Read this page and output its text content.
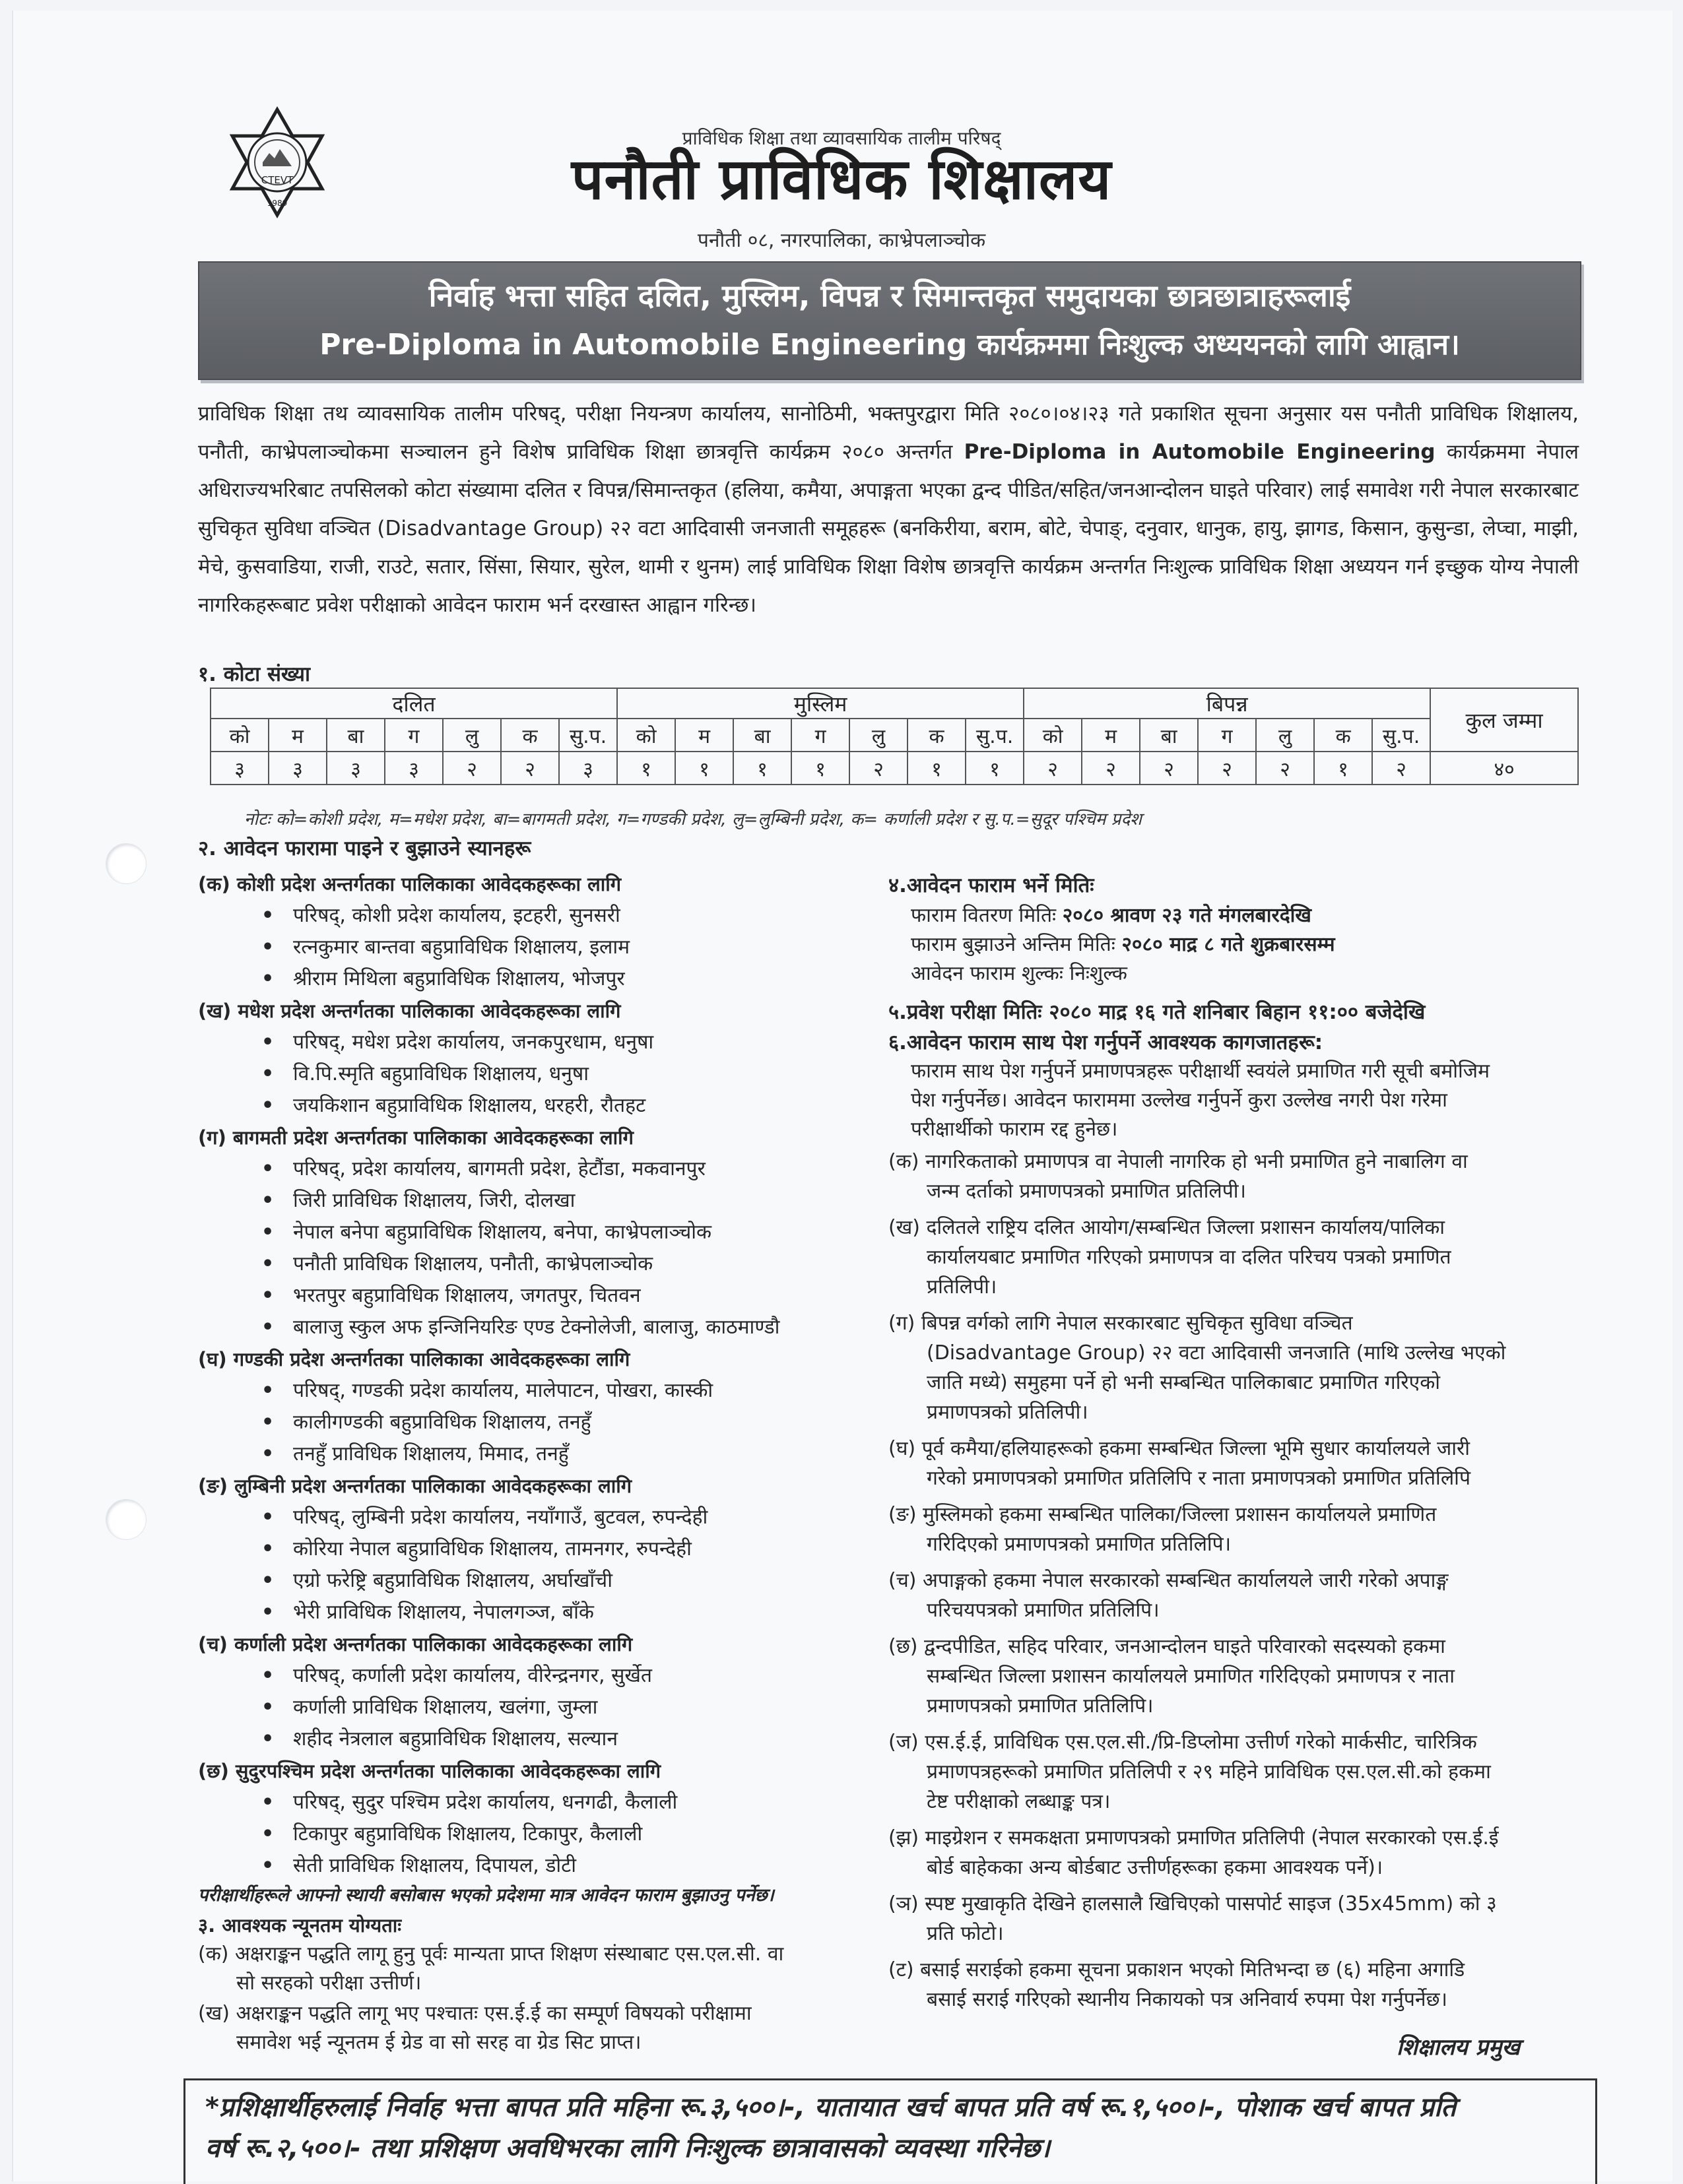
CTEVT
1989
प्राविधिक शिक्षा तथा व्यावसायिक तालीम परिषद्
पनौती प्राविधिक शिक्षालय
पनौती ०८, नगरपालिका, काभ्रेपलाञ्चोक
निर्वाह भत्ता सहित दलित, मुस्लिम, विपन्न र सिमान्तकृत समुदायका छात्रछात्राहरूलाई
Pre-Diploma in Automobile Engineering कार्यक्रममा निःशुल्क अध्ययनको लागि आह्वान।
प्राविधिक शिक्षा तथ व्यावसायिक तालीम परिषद्, परीक्षा नियन्त्रण कार्यालय, सानोठिमी, भक्तपुरद्वारा मिति २०८०।०४।२३ गते प्रकाशित सूचना अनुसार यस पनौती प्राविधिक शिक्षालय, पनौती, काभ्रेपलाञ्चोकमा सञ्चालन हुने विशेष प्राविधिक शिक्षा छात्रवृत्ति कार्यक्रम २०८० अन्तर्गत Pre-Diploma in Automobile Engineering कार्यक्रममा नेपाल अधिराज्यभरिबाट तपसिलको कोटा संख्यामा दलित र विपन्न/सिमान्तकृत (हलिया, कमैया, अपाङ्गता भएका द्वन्द पीडित/सहित/जनआन्दोलन घाइते परिवार) लाई समावेश गरी नेपाल सरकारबाट सुचिकृत सुविधा वञ्चित (Disadvantage Group) २२ वटा आदिवासी जनजाती समूहहरू (बनकिरीया, बराम, बोटे, चेपाङ्, दनुवार, धानुक, हायु, झागड, किसान, कुसुन्डा, लेप्चा, माझी, मेचे, कुसवाडिया, राजी, राउटे, सतार, सिंसा, सियार, सुरेल, थामी र थुनम) लाई प्राविधिक शिक्षा विशेष छात्रवृत्ति कार्यक्रम अन्तर्गत निःशुल्क प्राविधिक शिक्षा अध्ययन गर्न इच्छुक योग्य नेपाली नागरिकहरूबाट प्रवेश परीक्षाको आवेदन फाराम भर्न दरखास्त आह्वान गरिन्छ।
१. कोटा संख्या
दलित							मुस्लिम							बिपन्न							कुल जम्मा
को	म	बा	ग	लु	क	सु.प.	को	म	बा	ग	लु	क	सु.प.	को	म	बा	ग	लु	क	सु.प.	
३	३	३	३	२	२	३	१	१	१	१	२	१	१	२	२	२	२	२	१	२	४०
नोटः को=कोशी प्रदेश, म=मधेश प्रदेश, बा=बागमती प्रदेश, ग=गण्डकी प्रदेश, लु=लुम्बिनी प्रदेश, क= कर्णाली प्रदेश र सु.प.=सुदूर पश्चिम प्रदेश
२. आवेदन फारामा पाइने र बुझाउने स्यानहरू
(क) कोशी प्रदेश अन्तर्गतका पालिकाका आवेदकहरूका लागि
• परिषद्, कोशी प्रदेश कार्यालय, इटहरी, सुनसरी
• रत्नकुमार बान्तवा बहुप्राविधिक शिक्षालय, इलाम
• श्रीराम मिथिला बहुप्राविधिक शिक्षालय, भोजपुर
(ख) मधेश प्रदेश अन्तर्गतका पालिकाका आवेदकहरूका लागि
• परिषद्, मधेश प्रदेश कार्यालय, जनकपुरधाम, धनुषा
• वि.पि.स्मृति बहुप्राविधिक शिक्षालय, धनुषा
• जयकिशान बहुप्राविधिक शिक्षालय, धरहरी, रौतहट
(ग) बागमती प्रदेश अन्तर्गतका पालिकाका आवेदकहरूका लागि
• परिषद्, प्रदेश कार्यालय, बागमती प्रदेश, हेटौंडा, मकवानपुर
• जिरी प्राविधिक शिक्षालय, जिरी, दोलखा
• नेपाल बनेपा बहुप्राविधिक शिक्षालय, बनेपा, काभ्रेपलाञ्चोक
• पनौती प्राविधिक शिक्षालय, पनौती, काभ्रेपलाञ्चोक
• भरतपुर बहुप्राविधिक शिक्षालय, जगतपुर, चितवन
• बालाजु स्कुल अफ इन्जिनियरिङ एण्ड टेक्नोलेजी, बालाजु, काठमाण्डौ
(घ) गण्डकी प्रदेश अन्तर्गतका पालिकाका आवेदकहरूका लागि
• परिषद्, गण्डकी प्रदेश कार्यालय, मालेपाटन, पोखरा, कास्की
• कालीगण्डकी बहुप्राविधिक शिक्षालय, तनहुँ
• तनहुँ प्राविधिक शिक्षालय, मिमाद, तनहुँ
(ङ) लुम्बिनी प्रदेश अन्तर्गतका पालिकाका आवेदकहरूका लागि
• परिषद्, लुम्बिनी प्रदेश कार्यालय, नयाँगाउँ, बुटवल, रुपन्देही
• कोरिया नेपाल बहुप्राविधिक शिक्षालय, तामनगर, रुपन्देही
• एग्रो फरेष्ट्रि बहुप्राविधिक शिक्षालय, अर्घाखाँची
• भेरी प्राविधिक शिक्षालय, नेपालगञ्ज, बाँके
(च) कर्णाली प्रदेश अन्तर्गतका पालिकाका आवेदकहरूका लागि
• परिषद्, कर्णाली प्रदेश कार्यालय, वीरेन्द्रनगर, सुर्खेत
• कर्णाली प्राविधिक शिक्षालय, खलंगा, जुम्ला
• शहीद नेत्रलाल बहुप्राविधिक शिक्षालय, सल्यान
(छ) सुदुरपश्चिम प्रदेश अन्तर्गतका पालिकाका आवेदकहरूका लागि
• परिषद्, सुदुर पश्चिम प्रदेश कार्यालय, धनगढी, कैलाली
• टिकापुर बहुप्राविधिक शिक्षालय, टिकापुर, कैलाली
• सेती प्राविधिक शिक्षालय, दिपायल, डोटी
परीक्षार्थीहरूले आफ्नो स्थायी बसोबास भएको प्रदेशमा मात्र आवेदन फाराम बुझाउनु पर्नेछ।
३. आवश्यक न्यूनतम योग्यताः
(क) अक्षराङ्कन पद्धति लागू हुनु पूर्वः मान्यता प्राप्त शिक्षण संस्थाबाट एस.एल.सी. वा
सो सरहको परीक्षा उत्तीर्ण।
(ख) अक्षराङ्कन पद्धति लागू भए पश्चातः एस.ई.ई का सम्पूर्ण विषयको परीक्षामा
समावेश भई न्यूनतम ई ग्रेड वा सो सरह वा ग्रेड सिट प्राप्त।
४.आवेदन फाराम भर्ने मितिः
फाराम वितरण मितिः २०८० श्रावण २३ गते मंगलबारदेखि
फाराम बुझाउने अन्तिम मितिः २०८० माद्र ८ गते शुक्रबारसम्म
आवेदन फाराम शुल्कः निःशुल्क
५.प्रवेश परीक्षा मितिः २०८० माद्र १६ गते शनिबार बिहान ११:०० बजेदेखि
६.आवेदन फाराम साथ पेश गर्नुपर्ने आवश्यक कागजातहरू:
फाराम साथ पेश गर्नुपर्ने प्रमाणपत्रहरू परीक्षार्थी स्वयंले प्रमाणित गरी सूची बमोजिम
पेश गर्नुपर्नेछ। आवेदन फाराममा उल्लेख गर्नुपर्ने कुरा उल्लेख नगरी पेश गरेमा
परीक्षार्थीको फाराम रद्द हुनेछ।
(क) नागरिकताको प्रमाणपत्र वा नेपाली नागरिक हो भनी प्रमाणित हुने नाबालिग वा
जन्म दर्ताको प्रमाणपत्रको प्रमाणित प्रतिलिपी।
(ख) दलितले राष्ट्रिय दलित आयोग/सम्बन्धित जिल्ला प्रशासन कार्यालय/पालिका
कार्यालयबाट प्रमाणित गरिएको प्रमाणपत्र वा दलित परिचय पत्रको प्रमाणित
प्रतिलिपी।
(ग) बिपन्न वर्गको लागि नेपाल सरकारबाट सुचिकृत सुविधा वञ्चित
(Disadvantage Group) २२ वटा आदिवासी जनजाति (माथि उल्लेख भएको
जाति मध्ये) समुहमा पर्ने हो भनी सम्बन्धित पालिकाबाट प्रमाणित गरिएको
प्रमाणपत्रको प्रतिलिपी।
(घ) पूर्व कमैया/हलियाहरूको हकमा सम्बन्धित जिल्ला भूमि सुधार कार्यालयले जारी
गरेको प्रमाणपत्रको प्रमाणित प्रतिलिपि र नाता प्रमाणपत्रको प्रमाणित प्रतिलिपि
(ङ) मुस्लिमको हकमा सम्बन्धित पालिका/जिल्ला प्रशासन कार्यालयले प्रमाणित
गरिदिएको प्रमाणपत्रको प्रमाणित प्रतिलिपि।
(च) अपाङ्गको हकमा नेपाल सरकारको सम्बन्धित कार्यालयले जारी गरेको अपाङ्ग
परिचयपत्रको प्रमाणित प्रतिलिपि।
(छ) द्वन्दपीडित, सहिद परिवार, जनआन्दोलन घाइते परिवारको सदस्यको हकमा
सम्बन्धित जिल्ला प्रशासन कार्यालयले प्रमाणित गरिदिएको प्रमाणपत्र र नाता
प्रमाणपत्रको प्रमाणित प्रतिलिपि।
(ज) एस.ई.ई, प्राविधिक एस.एल.सी./प्रि-डिप्लोमा उत्तीर्ण गरेको मार्कसीट, चारित्रिक
प्रमाणपत्रहरूको प्रमाणित प्रतिलिपी र २९ महिने प्राविधिक एस.एल.सी.को हकमा
टेष्ट परीक्षाको लब्धाङ्क पत्र।
(झ) माइग्रेशन र समकक्षता प्रमाणपत्रको प्रमाणित प्रतिलिपी (नेपाल सरकारको एस.ई.ई
बोर्ड बाहेकका अन्य बोर्डबाट उत्तीर्णहरूका हकमा आवश्यक पर्ने)।
(ञ) स्पष्ट मुखाकृति देखिने हालसालै खिचिएको पासपोर्ट साइज (35x45mm) को ३
प्रति फोटो।
(ट) बसाई सराईको हकमा सूचना प्रकाशन भएको मितिभन्दा छ (६) महिना अगाडि
बसाई सराई गरिएको स्थानीय निकायको पत्र अनिवार्य रुपमा पेश गर्नुपर्नेछ।
शिक्षालय प्रमुख
*प्रशिक्षार्थीहरुलाई निर्वाह भत्ता बापत प्रति महिना रू.३,५००।-, यातायात खर्च बापत प्रति वर्ष रू.१,५००।-, पोशाक खर्च बापत प्रति
वर्ष रू.२,५००।- तथा प्रशिक्षण अवधिभरका लागि निःशुल्क छात्रावासको व्यवस्था गरिनेछ।
